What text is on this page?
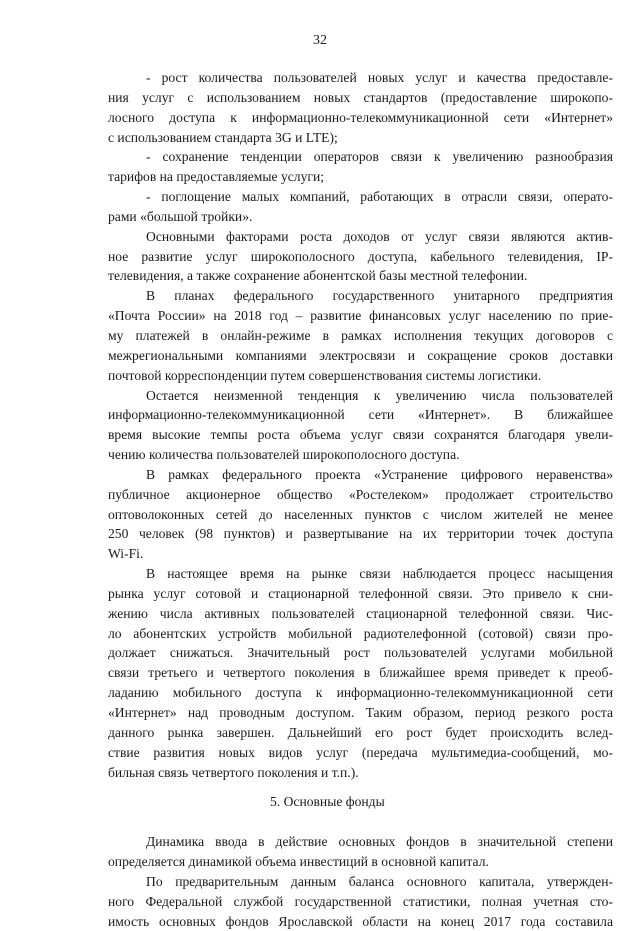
32
- рост количества пользователей новых услуг и качества предоставле-
ния услуг с использованием новых стандартов (предоставление широкопо-
лосного доступа к информационно-телекоммуникационной сети «Интернет»
с использованием стандарта 3G и LTE);
- сохранение тенденции операторов связи к увеличению разнообразия
тарифов на предоставляемые услуги;
- поглощение малых компаний, работающих в отрасли связи, операто-
рами «большой тройки».
Основными факторами роста доходов от услуг связи являются актив-
ное развитие услуг широкополосного доступа, кабельного телевидения, IP-
телевидения, а также сохранение абонентской базы местной телефонии.
В планах федерального государственного унитарного предприятия
«Почта России» на 2018 год – развитие финансовых услуг населению по прие-
му платежей в онлайн-режиме в рамках исполнения текущих договоров с
межрегиональными компаниями электросвязи и сокращение сроков доставки
почтовой корреспонденции путем совершенствования системы логистики.
Остается неизменной тенденция к увеличению числа пользователей
информационно-телекоммуникационной сети «Интернет». В ближайшее
время высокие темпы роста объема услуг связи сохранятся благодаря увели-
чению количества пользователей широкополосного доступа.
В рамках федерального проекта «Устранение цифрового неравенства»
публичное акционерное общество «Ростелеком» продолжает строительство
оптоволоконных сетей до населенных пунктов с числом жителей не менее
250 человек (98 пунктов) и развертывание на их территории точек доступа
Wi-Fi.
В настоящее время на рынке связи наблюдается процесс насыщения
рынка услуг сотовой и стационарной телефонной связи. Это привело к сни-
жению числа активных пользователей стационарной телефонной связи. Чис-
ло абонентских устройств мобильной радиотелефонной (сотовой) связи про-
должает снижаться. Значительный рост пользователей услугами мобильной
связи третьего и четвертого поколения в ближайшее время приведет к преоб-
ладанию мобильного доступа к информационно-телекоммуникационной сети
«Интернет» над проводным доступом. Таким образом, период резкого роста
данного рынка завершен. Дальнейший его рост будет происходить вслед-
ствие развития новых видов услуг (передача мультимедиа-сообщений, мо-
бильная связь четвертого поколения и т.п.).
5. Основные фонды
Динамика ввода в действие основных фондов в значительной степени
определяется динамикой объема инвестиций в основной капитал.
По предварительным данным баланса основного капитала, утвержден-
ного Федеральной службой государственной статистики, полная учетная сто-
имость основных фондов Ярославской области на конец 2017 года составила
